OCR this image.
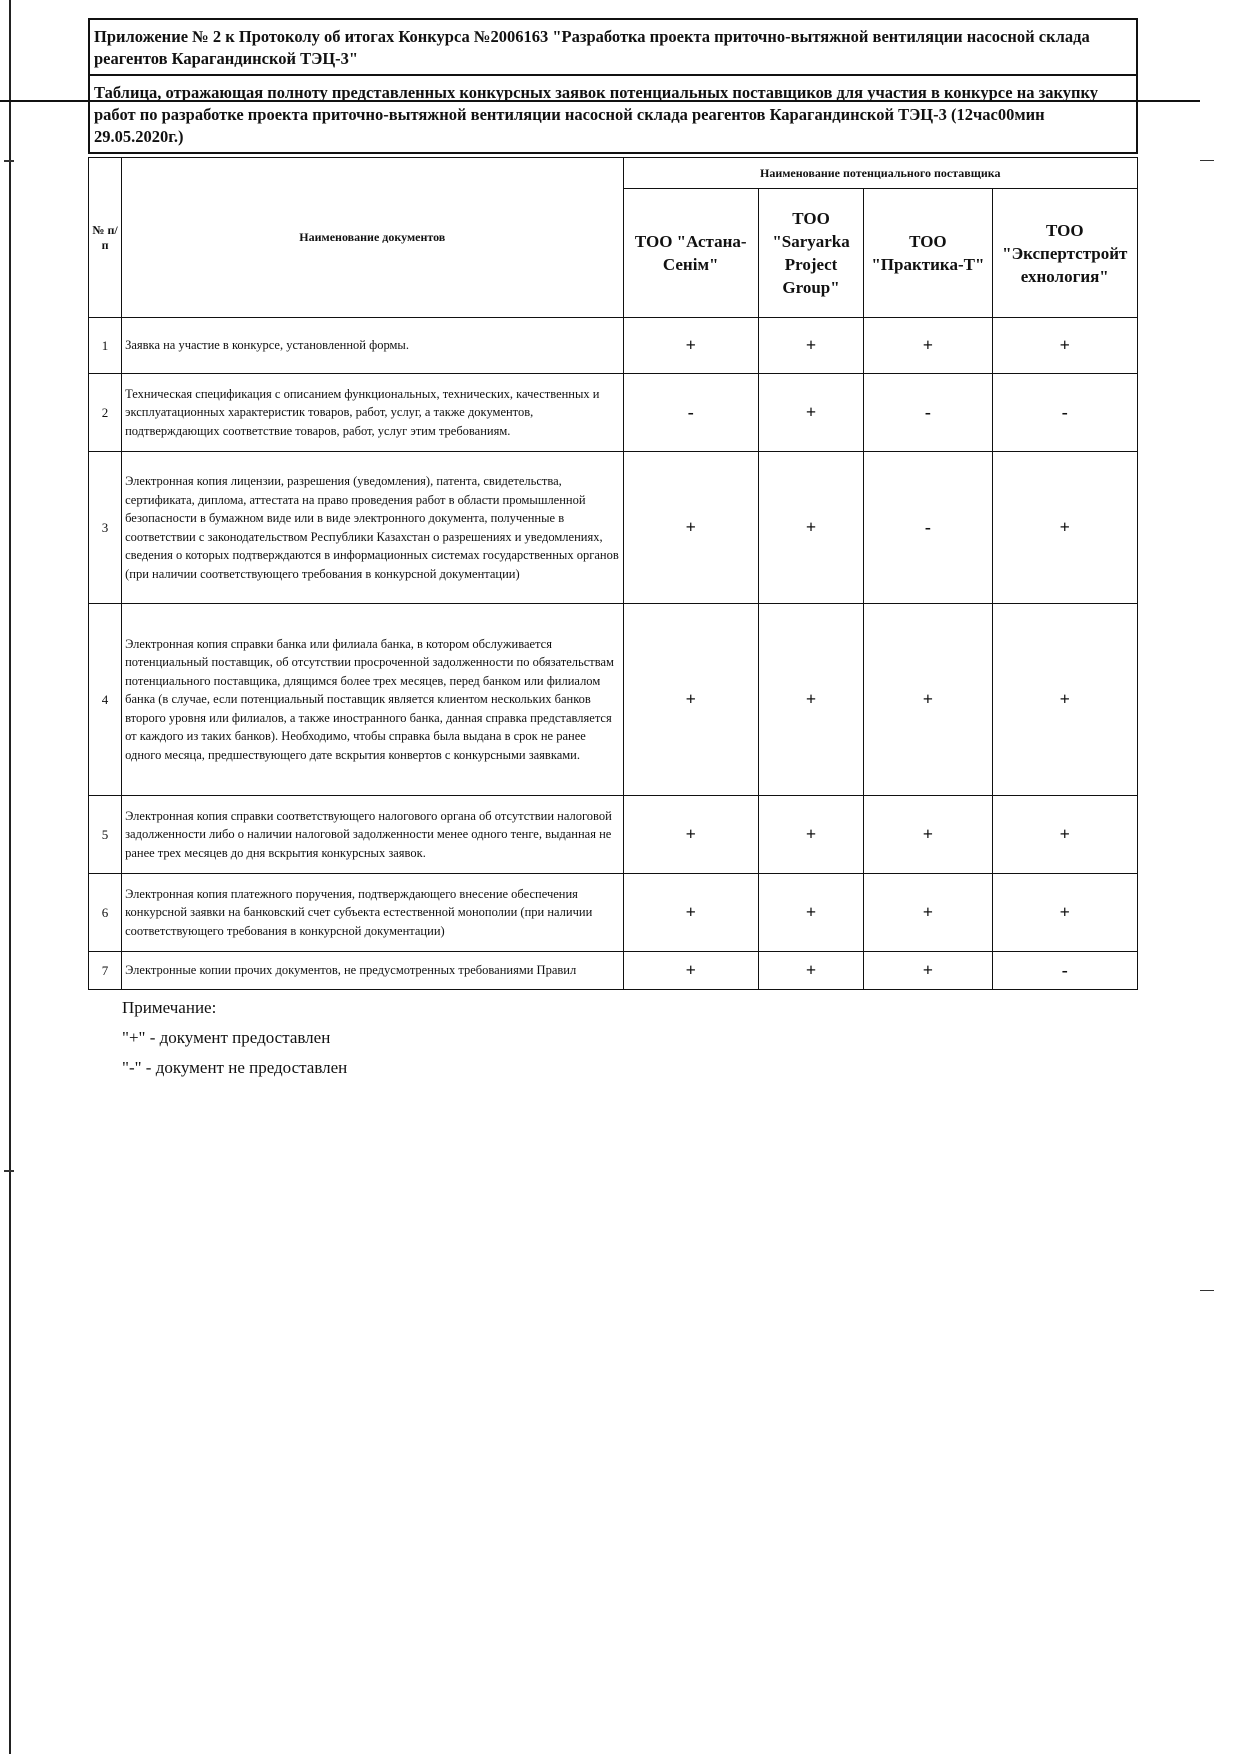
Приложение № 2 к Протоколу об итогах Конкурса №2006163 "Разработка проекта приточно-вытяжной вентиляции насосной склада реагентов Карагандинской ТЭЦ-3"
Таблица, отражающая полноту представленных конкурсных заявок потенциальных поставщиков для участия в конкурсе на закупку работ по разработке проекта приточно-вытяжной вентиляции насосной склада реагентов Карагандинской ТЭЦ-3 (12час00мин 29.05.2020г.)
№ п/п	Наименование документов	Наименование потенциального поставщика			
		ТОО "Астана-Сенім"	ТОО "Saryarka Project Group"	ТОО "Практика-Т"	ТОО "Экспертстройт ехнология"
1	Заявка на участие в конкурсе, установленной формы.	+	+	+	+
2	Техническая спецификация с описанием функциональных, технических, качественных и эксплуатационных характеристик товаров, работ, услуг, а также документов, подтверждающих соответствие товаров, работ, услуг этим требованиям.	-	+	-	-
3	Электронная копия лицензии, разрешения (уведомления), патента, свидетельства, сертификата, диплома, аттестата на право проведения работ в области промышленной безопасности в бумажном виде или в виде электронного документа, полученные в соответствии с законодательством Республики Казахстан о разрешениях и уведомлениях, сведения о которых подтверждаются в информационных системах государственных органов (при наличии соответствующего требования в конкурсной документации)	+	+	-	+
4	Электронная копия справки банка или филиала банка, в котором обслуживается потенциальный поставщик, об отсутствии просроченной задолженности по обязательствам потенциального поставщика, длящимся более трех месяцев, перед банком или филиалом банка (в случае, если потенциальный поставщик является клиентом нескольких банков второго уровня или филиалов, а также иностранного банка, данная справка представляется от каждого из таких банков). Необходимо, чтобы справка была выдана в срок не ранее одного месяца, предшествующего дате вскрытия конвертов с конкурсными заявками.	+	+	+	+
5	Электронная копия справки соответствующего налогового органа об отсутствии налоговой задолженности либо о наличии налоговой задолженности менее одного тенге, выданная не ранее трех месяцев до дня вскрытия конкурсных заявок.	+	+	+	+
6	Электронная копия платежного поручения, подтверждающего внесение обеспечения конкурсной заявки на банковский счет субъекта естественной монополии (при наличии соответствующего требования в конкурсной документации)	+	+	+	+
7	Электронные копии прочих документов, не предусмотренных требованиями Правил	+	+	+	-
Примечание:
"+" - документ предоставлен
"-" - документ не предоставлен
